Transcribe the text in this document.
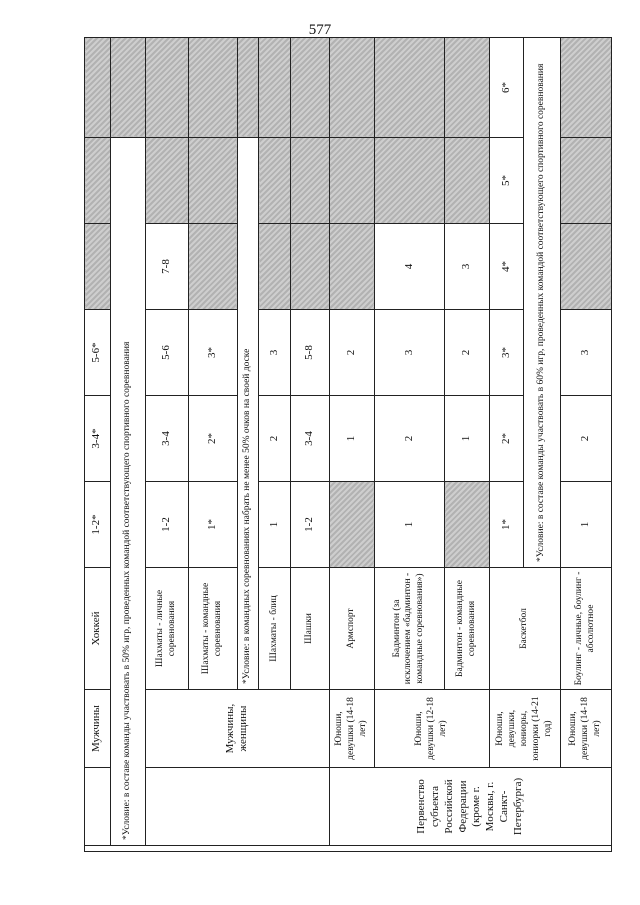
577
		Мужчины	Хоккей	1-2*	3-4*	5-6*			
	*Условие: в составе команды участвовать в 50% игр, проведенных командой соответствующего спортивного соревнования								
		Мужчины, женщины	Шахматы - личные соревнования	1-2	3-4	5-6	7-8		
			Шахматы - командные соревнования	1*	2*	3*			
			*Условие: в командных соревнованиях набрать не менее 50% очков на своей доске						
			Шахматы - блиц	1	2	3			
			Шашки	1-2	3-4	5-8			
	Первенство субъекта Российской Федерации (кроме г. Москвы, г. Санкт-Петербурга)	Юноши, девушки (14-18 лет)	Армспорт		1	2			
		Юноши, девушки (12-18 лет)	Бадминтон (за исключением «бадминтон - командные соревнования»)	1	2	3	4		
			Бадминтон - командные соревнования		1	2	3		
		Юноши, девушки, юниоры, юниорки (14-21 год)	Баскетбол	1*	2*	3*	4*	5*	6*
				*Условие: в составе команды участвовать в 60% игр, проведенных командой соответствующего спортивного соревнования					
		Юноши, девушки (14-18 лет)	Боулинг - личные, боулинг - абсолютное	1	2	3			
